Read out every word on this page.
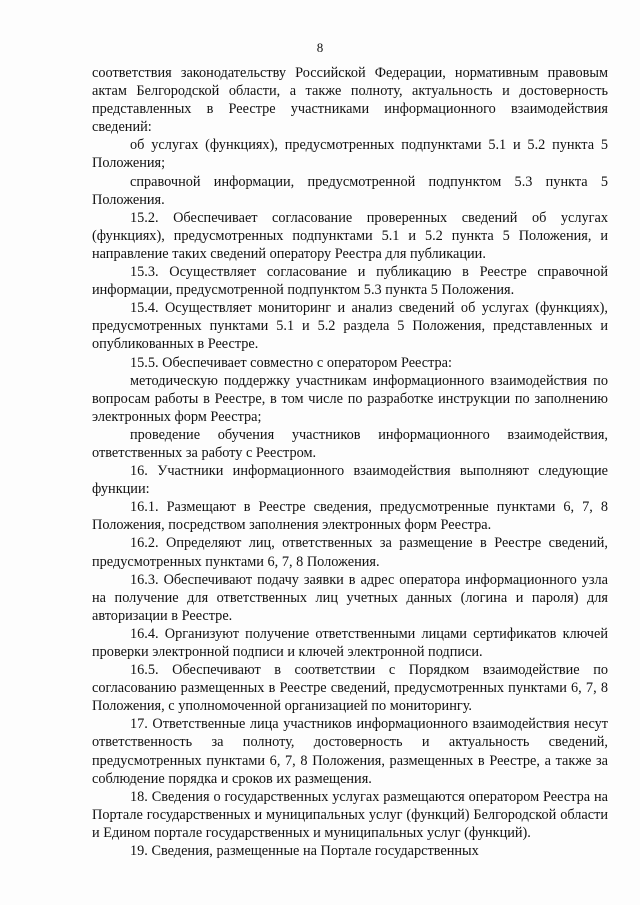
8

соответствия законодательству Российской Федерации, нормативным правовым актам Белгородской области, а также полноту, актуальность и достоверность представленных в Реестре участниками информационного взаимодействия сведений:

об услугах (функциях), предусмотренных подпунктами 5.1 и 5.2 пункта 5 Положения;

справочной информации, предусмотренной подпунктом 5.3 пункта 5 Положения.

15.2. Обеспечивает согласование проверенных сведений об услугах (функциях), предусмотренных подпунктами 5.1 и 5.2 пункта 5 Положения, и направление таких сведений оператору Реестра для публикации.

15.3. Осуществляет согласование и публикацию в Реестре справочной информации, предусмотренной подпунктом 5.3 пункта 5 Положения.

15.4. Осуществляет мониторинг и анализ сведений об услугах (функциях), предусмотренных пунктами 5.1 и 5.2 раздела 5 Положения, представленных и опубликованных в Реестре.

15.5. Обеспечивает совместно с оператором Реестра:

методическую поддержку участникам информационного взаимодействия по вопросам работы в Реестре, в том числе по разработке инструкции по заполнению электронных форм Реестра;

проведение обучения участников информационного взаимодействия, ответственных за работу с Реестром.

16. Участники информационного взаимодействия выполняют следующие функции:

16.1. Размещают в Реестре сведения, предусмотренные пунктами 6, 7, 8 Положения, посредством заполнения электронных форм Реестра.

16.2. Определяют лиц, ответственных за размещение в Реестре сведений, предусмотренных пунктами 6, 7, 8 Положения.

16.3. Обеспечивают подачу заявки в адрес оператора информационного узла на получение для ответственных лиц учетных данных (логина и пароля) для авторизации в Реестре.

16.4. Организуют получение ответственными лицами сертификатов ключей проверки электронной подписи и ключей электронной подписи.

16.5. Обеспечивают в соответствии с Порядком взаимодействие по согласованию размещенных в Реестре сведений, предусмотренных пунктами 6, 7, 8 Положения, с уполномоченной организацией по мониторингу.

17. Ответственные лица участников информационного взаимодействия несут ответственность за полноту, достоверность и актуальность сведений, предусмотренных пунктами 6, 7, 8 Положения, размещенных в Реестре, а также за соблюдение порядка и сроков их размещения.

18. Сведения о государственных услугах размещаются оператором Реестра на Портале государственных и муниципальных услуг (функций) Белгородской области и Едином портале государственных и муниципальных услуг (функций).

19. Сведения, размещенные на Портале государственных
